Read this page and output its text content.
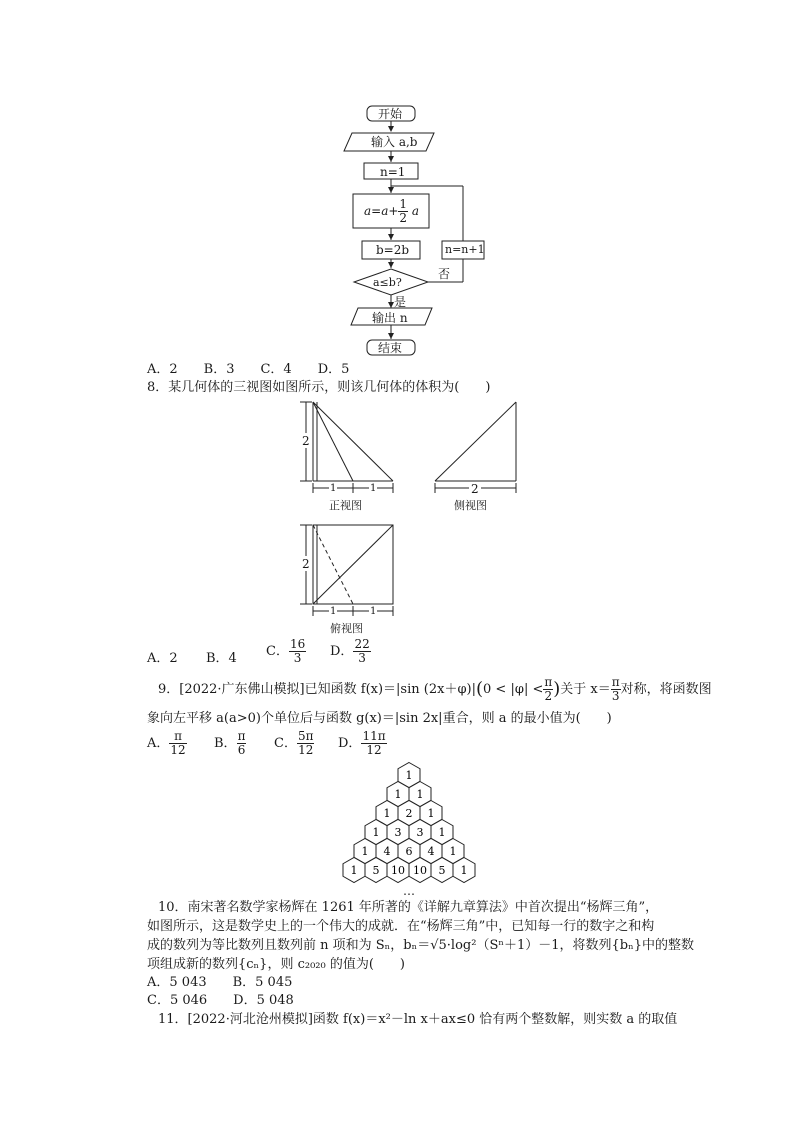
开始
输入 a,b
n=1
$a=a+ \frac{1}{2}$ a
b=2b	n=n+1
a≤b?
否
是
输出 n
结束
A．2　　B．3　　C．4　　D．5
8．某几何体的三视图如图所示，则该几何体的体积为(　　)
2
1	1
正视图
2
侧视图
2
1	1
俯视图
A．2 B．4 C． $\frac{16}{3}$ D． $\frac{22}{3}$
9．[2022·广东佛山模拟]已知函数 f(x)＝|sin $(2x+\varphi)|(0 < |\varphi| < \frac{\pi}{2}$ )关于 $x= \frac{\pi}{3}$ 对称，将函数图
象向左平移 a(a>0)个单位后与函数 g(x)＝|sin 2x|重合，则 a 的最小值为(　　)
A． $\frac{\pi}{12}$ B． $\frac{\pi}{6}$ C． $\frac{5\pi}{12}$ D． $\frac{11\pi}{12}$
1
1 1
1 2 1
1 3 3 1
1 4 6 4 1
1 5 10 10 5 1
…
10．南宋著名数学家杨辉在 1261 年所著的《详解九章算法》中首次提出“杨辉三角”，
如图所示，这是数学史上的一个伟大的成就．在“杨辉三角”中，已知每一行的数字之和构
成的数列为等比数列且数列前 n 项和为 Sₙ，bₙ＝√5·log²（Sⁿ＋1）－1，将数列{bₙ}中的整数
项组成新的数列{cₙ}，则 c₂₀₂₀ 的值为(　　)
A．5 043　　B．5 045
C．5 046　　D．5 048
11．[2022·河北沧州模拟]函数 f(x)＝x²－ln x＋ax≤0 恰有两个整数解，则实数 a 的取值
